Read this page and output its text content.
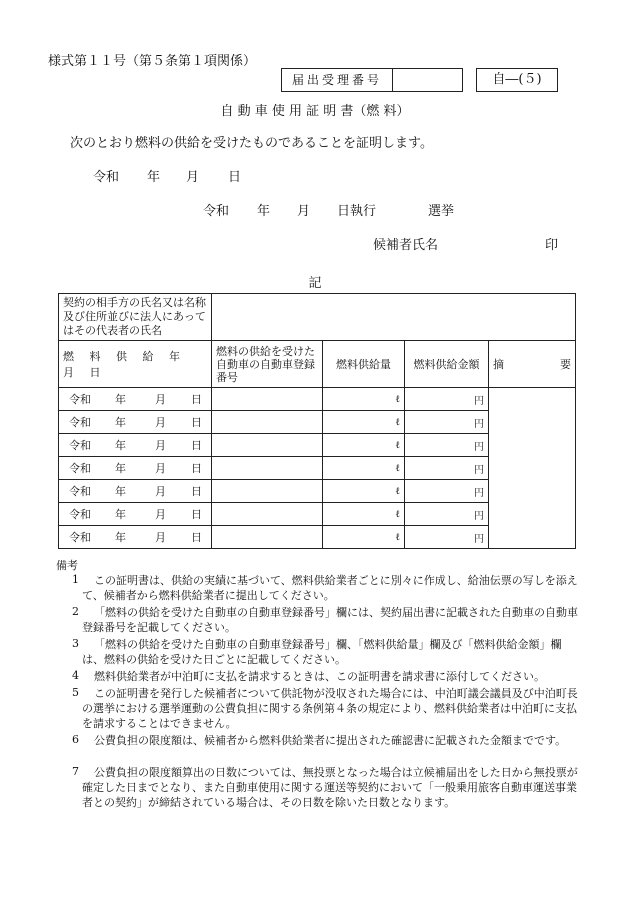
様式第１１号（第５条第１項関係）
届出受理番号	自―(５)
自 動 車 使 用 証 明 書（燃 料）
次のとおり燃料の供給を受けたものであることを証明します。
令和 年 月 日
令和 年 月 日執行	選挙
候補者氏名	印
記
契約の相手方の氏名又は名称及び住所並びに法人にあってはその代表者の氏名				
燃 料 供 給 年 月 日	燃料の供給を受けた自動車の自動車登録番号	燃料供給量	燃料供給金額	摘 要

令和 年 月 日		ℓ	円	

令和 年 月 日		ℓ	円	

令和 年 月 日		ℓ	円	

令和 年 月 日		ℓ	円	

令和 年 月 日		ℓ	円	

令和 年 月 日		ℓ	円	

令和 年 月 日		ℓ	円	
備考
1	この証明書は、供給の実績に基づいて、燃料供給業者ごとに別々に作成し、給油伝票の写しを添えて、候補者から燃料供給業者に提出してください。
2	「燃料の供給を受けた自動車の自動車登録番号」欄には、契約届出書に記載された自動車の自動車登録番号を記載してください。
3	「燃料の供給を受けた自動車の自動車登録番号」欄、「燃料供給量」欄及び「燃料供給金額」欄は、燃料の供給を受けた日ごとに記載してください。
4	燃料供給業者が中泊町に支払を請求するときは、この証明書を請求書に添付してください。
5	この証明書を発行した候補者について供託物が没収された場合には、中泊町議会議員及び中泊町長の選挙における選挙運動の公費負担に関する条例第４条の規定により、燃料供給業者は中泊町に支払を請求することはできません。
6	公費負担の限度額は、候補者から燃料供給業者に提出された確認書に記載された金額までです。
7	公費負担の限度額算出の日数については、無投票となった場合は立候補届出をした日から無投票が確定した日までとなり、また自動車使用に関する運送等契約において「一般乗用旅客自動車運送事業者との契約」が締結されている場合は、その日数を除いた日数となります。
